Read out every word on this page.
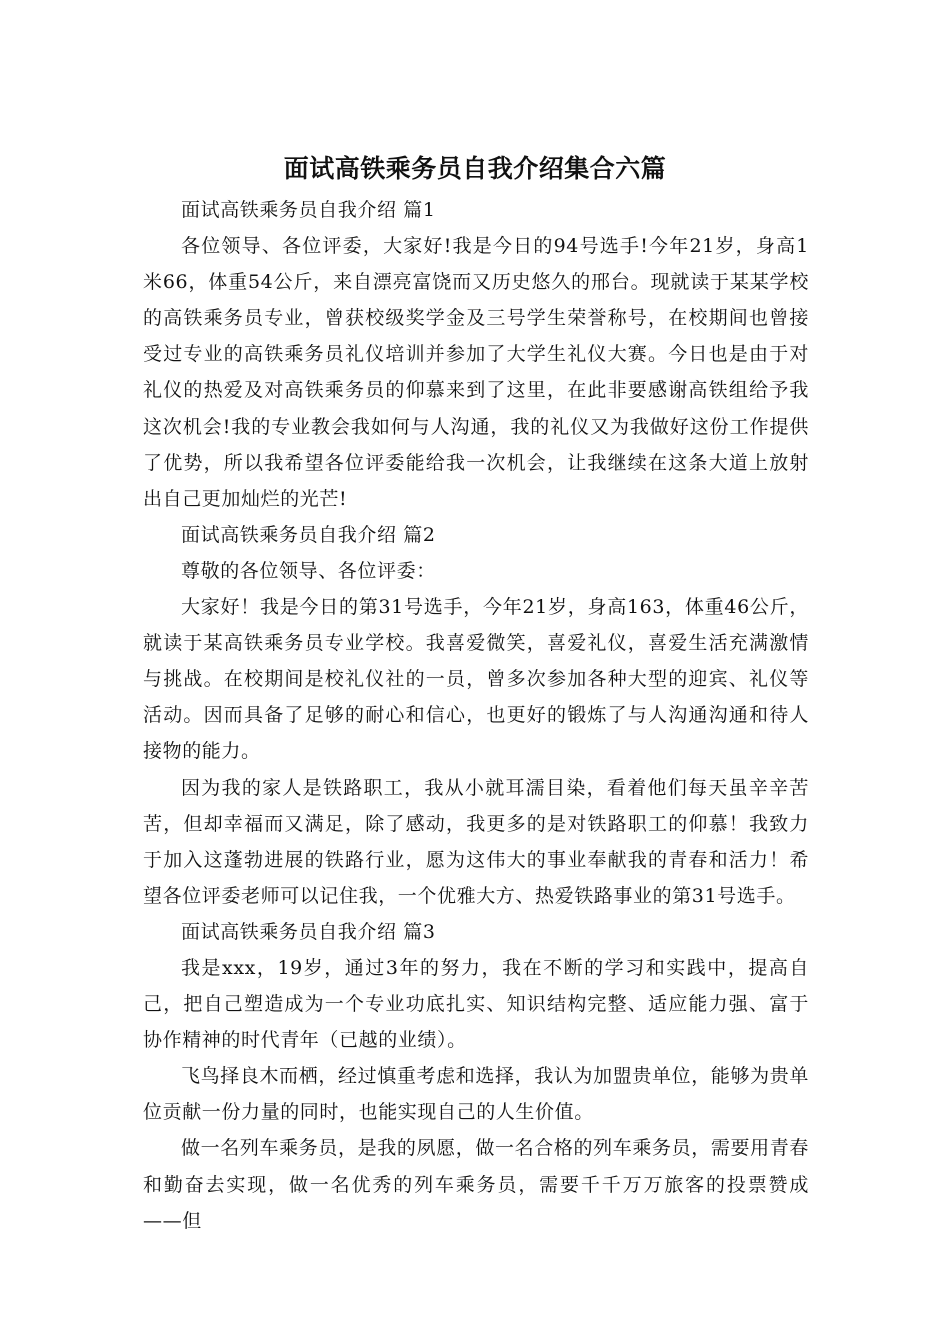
面试高铁乘务员自我介绍集合六篇

面试高铁乘务员自我介绍 篇1

各位领导、各位评委，大家好!我是今日的94号选手!今年21岁，身高1米66，体重54公斤，来自漂亮富饶而又历史悠久的邢台。现就读于某某学校的高铁乘务员专业，曾获校级奖学金及三号学生荣誉称号，在校期间也曾接受过专业的高铁乘务员礼仪培训并参加了大学生礼仪大赛。今日也是由于对礼仪的热爱及对高铁乘务员的仰慕来到了这里，在此非要感谢高铁组给予我这次机会!我的专业教会我如何与人沟通，我的礼仪又为我做好这份工作提供了优势，所以我希望各位评委能给我一次机会，让我继续在这条大道上放射出自己更加灿烂的光芒!

面试高铁乘务员自我介绍 篇2

尊敬的各位领导、各位评委：

大家好！我是今日的第31号选手，今年21岁，身高163，体重46公斤，就读于某高铁乘务员专业学校。我喜爱微笑，喜爱礼仪，喜爱生活充满激情与挑战。在校期间是校礼仪社的一员，曾多次参加各种大型的迎宾、礼仪等活动。因而具备了足够的耐心和信心，也更好的锻炼了与人沟通沟通和待人接物的能力。

因为我的家人是铁路职工，我从小就耳濡目染，看着他们每天虽辛辛苦苦，但却幸福而又满足，除了感动，我更多的是对铁路职工的仰慕！我致力于加入这蓬勃进展的铁路行业，愿为这伟大的事业奉献我的青春和活力！希望各位评委老师可以记住我，一个优雅大方、热爱铁路事业的第31号选手。

面试高铁乘务员自我介绍 篇3

我是xxx，19岁，通过3年的努力，我在不断的学习和实践中，提高自己，把自己塑造成为一个专业功底扎实、知识结构完整、适应能力强、富于协作精神的时代青年（已越的业绩）。

飞鸟择良木而栖，经过慎重考虑和选择，我认为加盟贵单位，能够为贵单位贡献一份力量的同时，也能实现自己的人生价值。

做一名列车乘务员，是我的夙愿，做一名合格的列车乘务员，需要用青春和勤奋去实现，做一名优秀的列车乘务员，需要千千万万旅客的投票赞成——但
